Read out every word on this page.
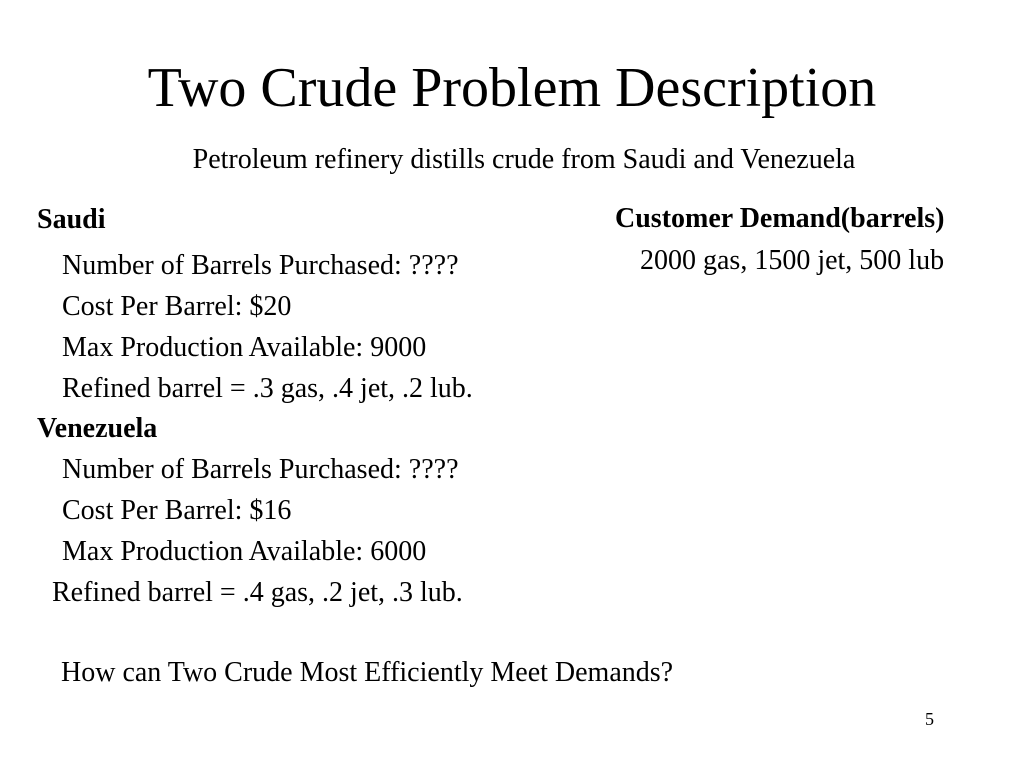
Two Crude Problem Description
Petroleum refinery distills crude from Saudi and Venezuela
Saudi
Number of Barrels Purchased: ????
Cost Per Barrel: $20
Max Production Available: 9000
Refined barrel = .3 gas, .4 jet, .2 lub.
Venezuela
Number of Barrels Purchased: ????
Cost Per Barrel: $16
Max Production Available: 6000
Refined barrel = .4 gas, .2 jet, .3 lub.
Customer Demand(barrels)
2000 gas, 1500 jet, 500 lub
How can Two Crude Most Efficiently Meet Demands?
5
